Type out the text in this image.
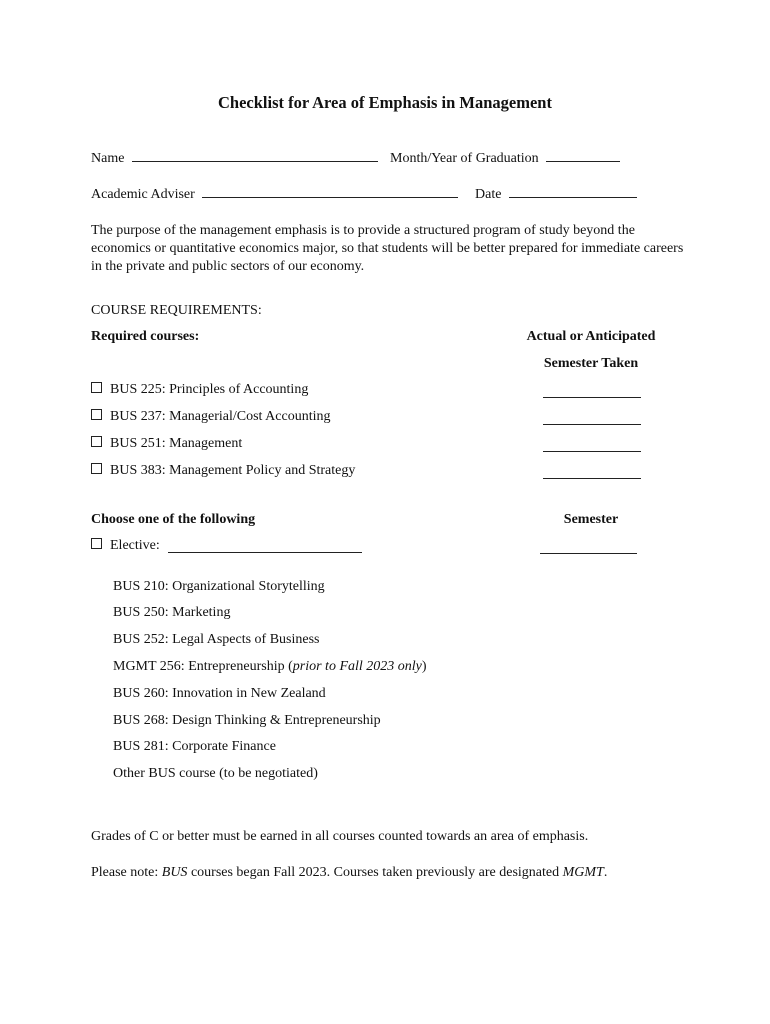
Checklist for Area of Emphasis in Management
Name	Month/Year of Graduation
Academic Adviser	Date
The purpose of the management emphasis is to provide a structured program of study beyond the economics or quantitative economics major, so that students will be better prepared for immediate careers in the private and public sectors of our economy.
COURSE REQUIREMENTS:
Required courses:	Actual or Anticipated
Semester Taken
BUS 225: Principles of Accounting
BUS 237: Managerial/Cost Accounting
BUS 251: Management
BUS 383: Management Policy and Strategy
Choose one of the following	Semester
Elective:
BUS 210: Organizational Storytelling
BUS 250: Marketing
BUS 252: Legal Aspects of Business
MGMT 256: Entrepreneurship (prior to Fall 2023 only)
BUS 260: Innovation in New Zealand
BUS 268: Design Thinking & Entrepreneurship
BUS 281: Corporate Finance
Other BUS course (to be negotiated)
Grades of C or better must be earned in all courses counted towards an area of emphasis.
Please note: BUS courses began Fall 2023. Courses taken previously are designated MGMT.
